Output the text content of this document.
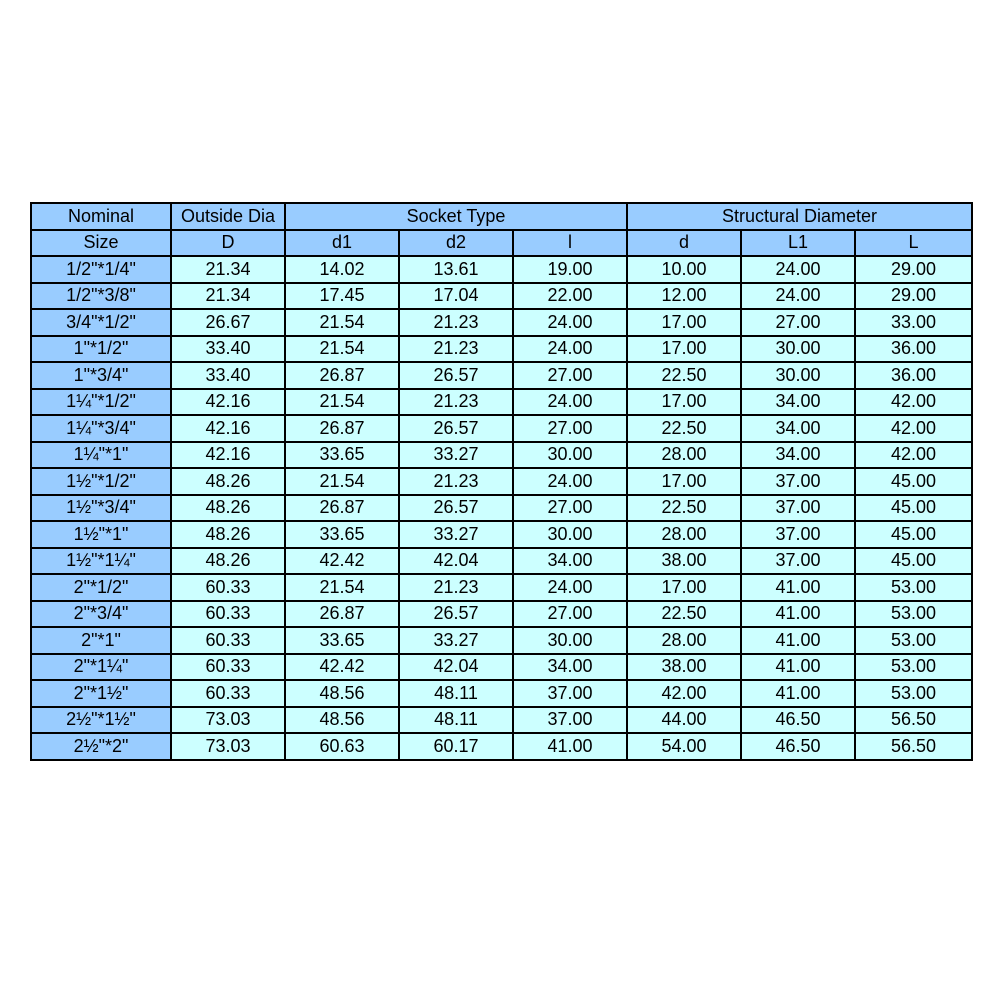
Nominal	Outside Dia	Socket Type			Structural Diameter		
Size	D	d1	d2	l	d	L1	L
1/2"*1/4"	21.34	14.02	13.61	19.00	10.00	24.00	29.00
1/2"*3/8"	21.34	17.45	17.04	22.00	12.00	24.00	29.00
3/4"*1/2"	26.67	21.54	21.23	24.00	17.00	27.00	33.00
1"*1/2"	33.40	21.54	21.23	24.00	17.00	30.00	36.00
1"*3/4"	33.40	26.87	26.57	27.00	22.50	30.00	36.00
1¼"*1/2"	42.16	21.54	21.23	24.00	17.00	34.00	42.00
1¼"*3/4"	42.16	26.87	26.57	27.00	22.50	34.00	42.00
1¼"*1"	42.16	33.65	33.27	30.00	28.00	34.00	42.00
1½"*1/2"	48.26	21.54	21.23	24.00	17.00	37.00	45.00
1½"*3/4"	48.26	26.87	26.57	27.00	22.50	37.00	45.00
1½"*1"	48.26	33.65	33.27	30.00	28.00	37.00	45.00
1½"*1¼"	48.26	42.42	42.04	34.00	38.00	37.00	45.00
2"*1/2"	60.33	21.54	21.23	24.00	17.00	41.00	53.00
2"*3/4"	60.33	26.87	26.57	27.00	22.50	41.00	53.00
2"*1"	60.33	33.65	33.27	30.00	28.00	41.00	53.00
2"*1¼"	60.33	42.42	42.04	34.00	38.00	41.00	53.00
2"*1½"	60.33	48.56	48.11	37.00	42.00	41.00	53.00
2½"*1½"	73.03	48.56	48.11	37.00	44.00	46.50	56.50
2½"*2"	73.03	60.63	60.17	41.00	54.00	46.50	56.50
